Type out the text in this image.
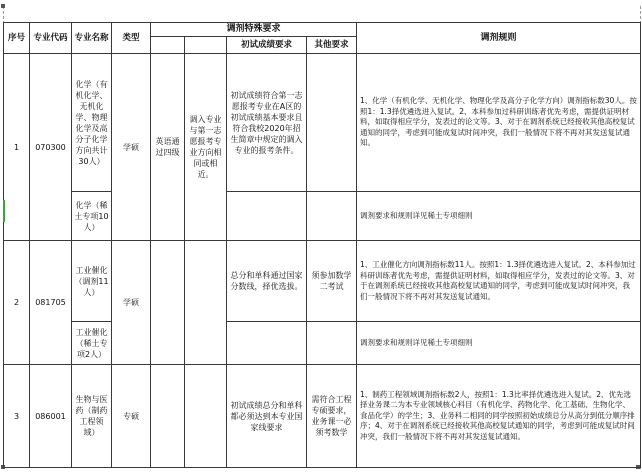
序号	专业代码	专业名称	类型	调剂特殊要求				调剂规则
						初试成绩要求	其他要求	
1	070300	化学（有机化学、无机化学、物理化学及高分子化学方向共计30人）	学硕	英语通过四级	调入专业与第一志愿报考专业方向相同或相近。	初试成绩符合第一志愿报考专业在A区的初试成绩基本要求且符合我校2020年招生简章中规定的调入专业的报考条件。		1、化学（有机化学、无机化学、物理化学及高分子化学方向）调剂指标数30人。按照1：1.3择优遴选进入复试。2、本科参加过科研训练者优先考虑，需提供证明材料，如取得相应学分，发表过的论文等。3、对于在调剂系统已经接收其他高校复试通知的同学，考虑到可能成复试时间冲突，我们一般情况下将不再对其发送复试通知。
		化学（稀土专项10人）						调剂要求和规则详见稀土专项细则
2	081705	工业催化（调剂11人）	学硕			总分和单科通过国家分数线，择优选拔。	须参加数学二考试	1、工业催化方向调剂指标数11人。按照1：1.3择优遴选进入复试。2、本科参加过科研训练者优先考虑，需提供证明材料，如取得相应学分，发表过的论文等。3、对于在调剂系统已经接收其他高校复试通知的同学，考虑到可能成复试时间冲突，我们一般情况下将不再对其发送复试通知。
		工业催化（稀土专项2人）						调剂要求和规则详见稀土专项细则
3	086001	生物与医药（制药工程领域）	专硕			初试成绩总分和单科都必须达到本专业国家线要求	需符合工程专硕要求，业务课一必须考数学	1、制药工程领域调剂指标数2人，按照1：1.3比率择优遴选进入复试。2、优先选择业务课二为本专业领域核心科目（有机化学、药物化学、化工基础、生物化学、食品化学）的学生；3、业务科二相同的同学按照初始成绩总分从高分到低分顺序排序；4、对于在调剂系统已经接收其他高校复试通知的同学，考虑到可能成复试时间冲突，我们一般情况下将不再对其发送复试通知。
